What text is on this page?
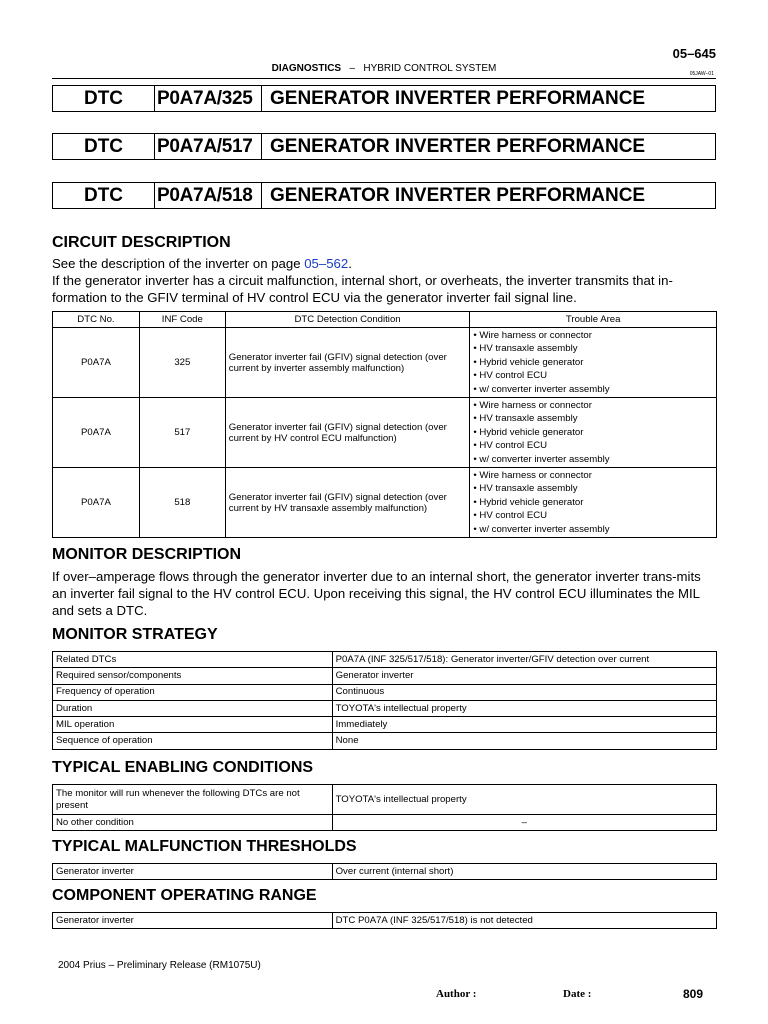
05–645
DIAGNOSTICS – HYBRID CONTROL SYSTEM	05JAW–01
DTC	P0A7A/325 GENERATOR INVERTER PERFORMANCE
DTC	P0A7A/517 GENERATOR INVERTER PERFORMANCE
DTC	P0A7A/518 GENERATOR INVERTER PERFORMANCE
CIRCUIT DESCRIPTION
See the description of the inverter on page 05–562.
If the generator inverter has a circuit malfunction, internal short, or overheats, the inverter transmits that in-formation to the GFIV terminal of HV control ECU via the generator inverter fail signal line.
DTC No.	INF Code	DTC Detection Condition	Trouble Area
P0A7A	325	Generator inverter fail (GFIV) signal detection (over current by inverter assembly malfunction)	• Wire harness or connector
• HV transaxle assembly
• Hybrid vehicle generator
• HV control ECU
• w/ converter inverter assembly

P0A7A	517	Generator inverter fail (GFIV) signal detection (over current by HV control ECU malfunction)	• Wire harness or connector
• HV transaxle assembly
• Hybrid vehicle generator
• HV control ECU
• w/ converter inverter assembly

P0A7A	518	Generator inverter fail (GFIV) signal detection (over current by HV transaxle assembly malfunction)	• Wire harness or connector
• HV transaxle assembly
• Hybrid vehicle generator
• HV control ECU
• w/ converter inverter assembly
MONITOR DESCRIPTION
If over–amperage flows through the generator inverter due to an internal short, the generator inverter trans-mits an inverter fail signal to the HV control ECU. Upon receiving this signal, the HV control ECU illuminates the MIL and sets a DTC.
MONITOR STRATEGY
Related DTCs	P0A7A (INF 325/517/518): Generator inverter/GFIV detection over current
Required sensor/components	Generator inverter
Frequency of operation	Continuous
Duration	TOYOTA's intellectual property
MIL operation	Immediately
Sequence of operation	None
TYPICAL ENABLING CONDITIONS
The monitor will run whenever the following DTCs are not present	TOYOTA's intellectual property
No other condition	–
TYPICAL MALFUNCTION THRESHOLDS
Generator inverter	Over current (internal short)
COMPONENT OPERATING RANGE
Generator inverter	DTC P0A7A (INF 325/517/518) is not detected
2004 Prius – Preliminary Release (RM1075U)
Author :	Date :	809
